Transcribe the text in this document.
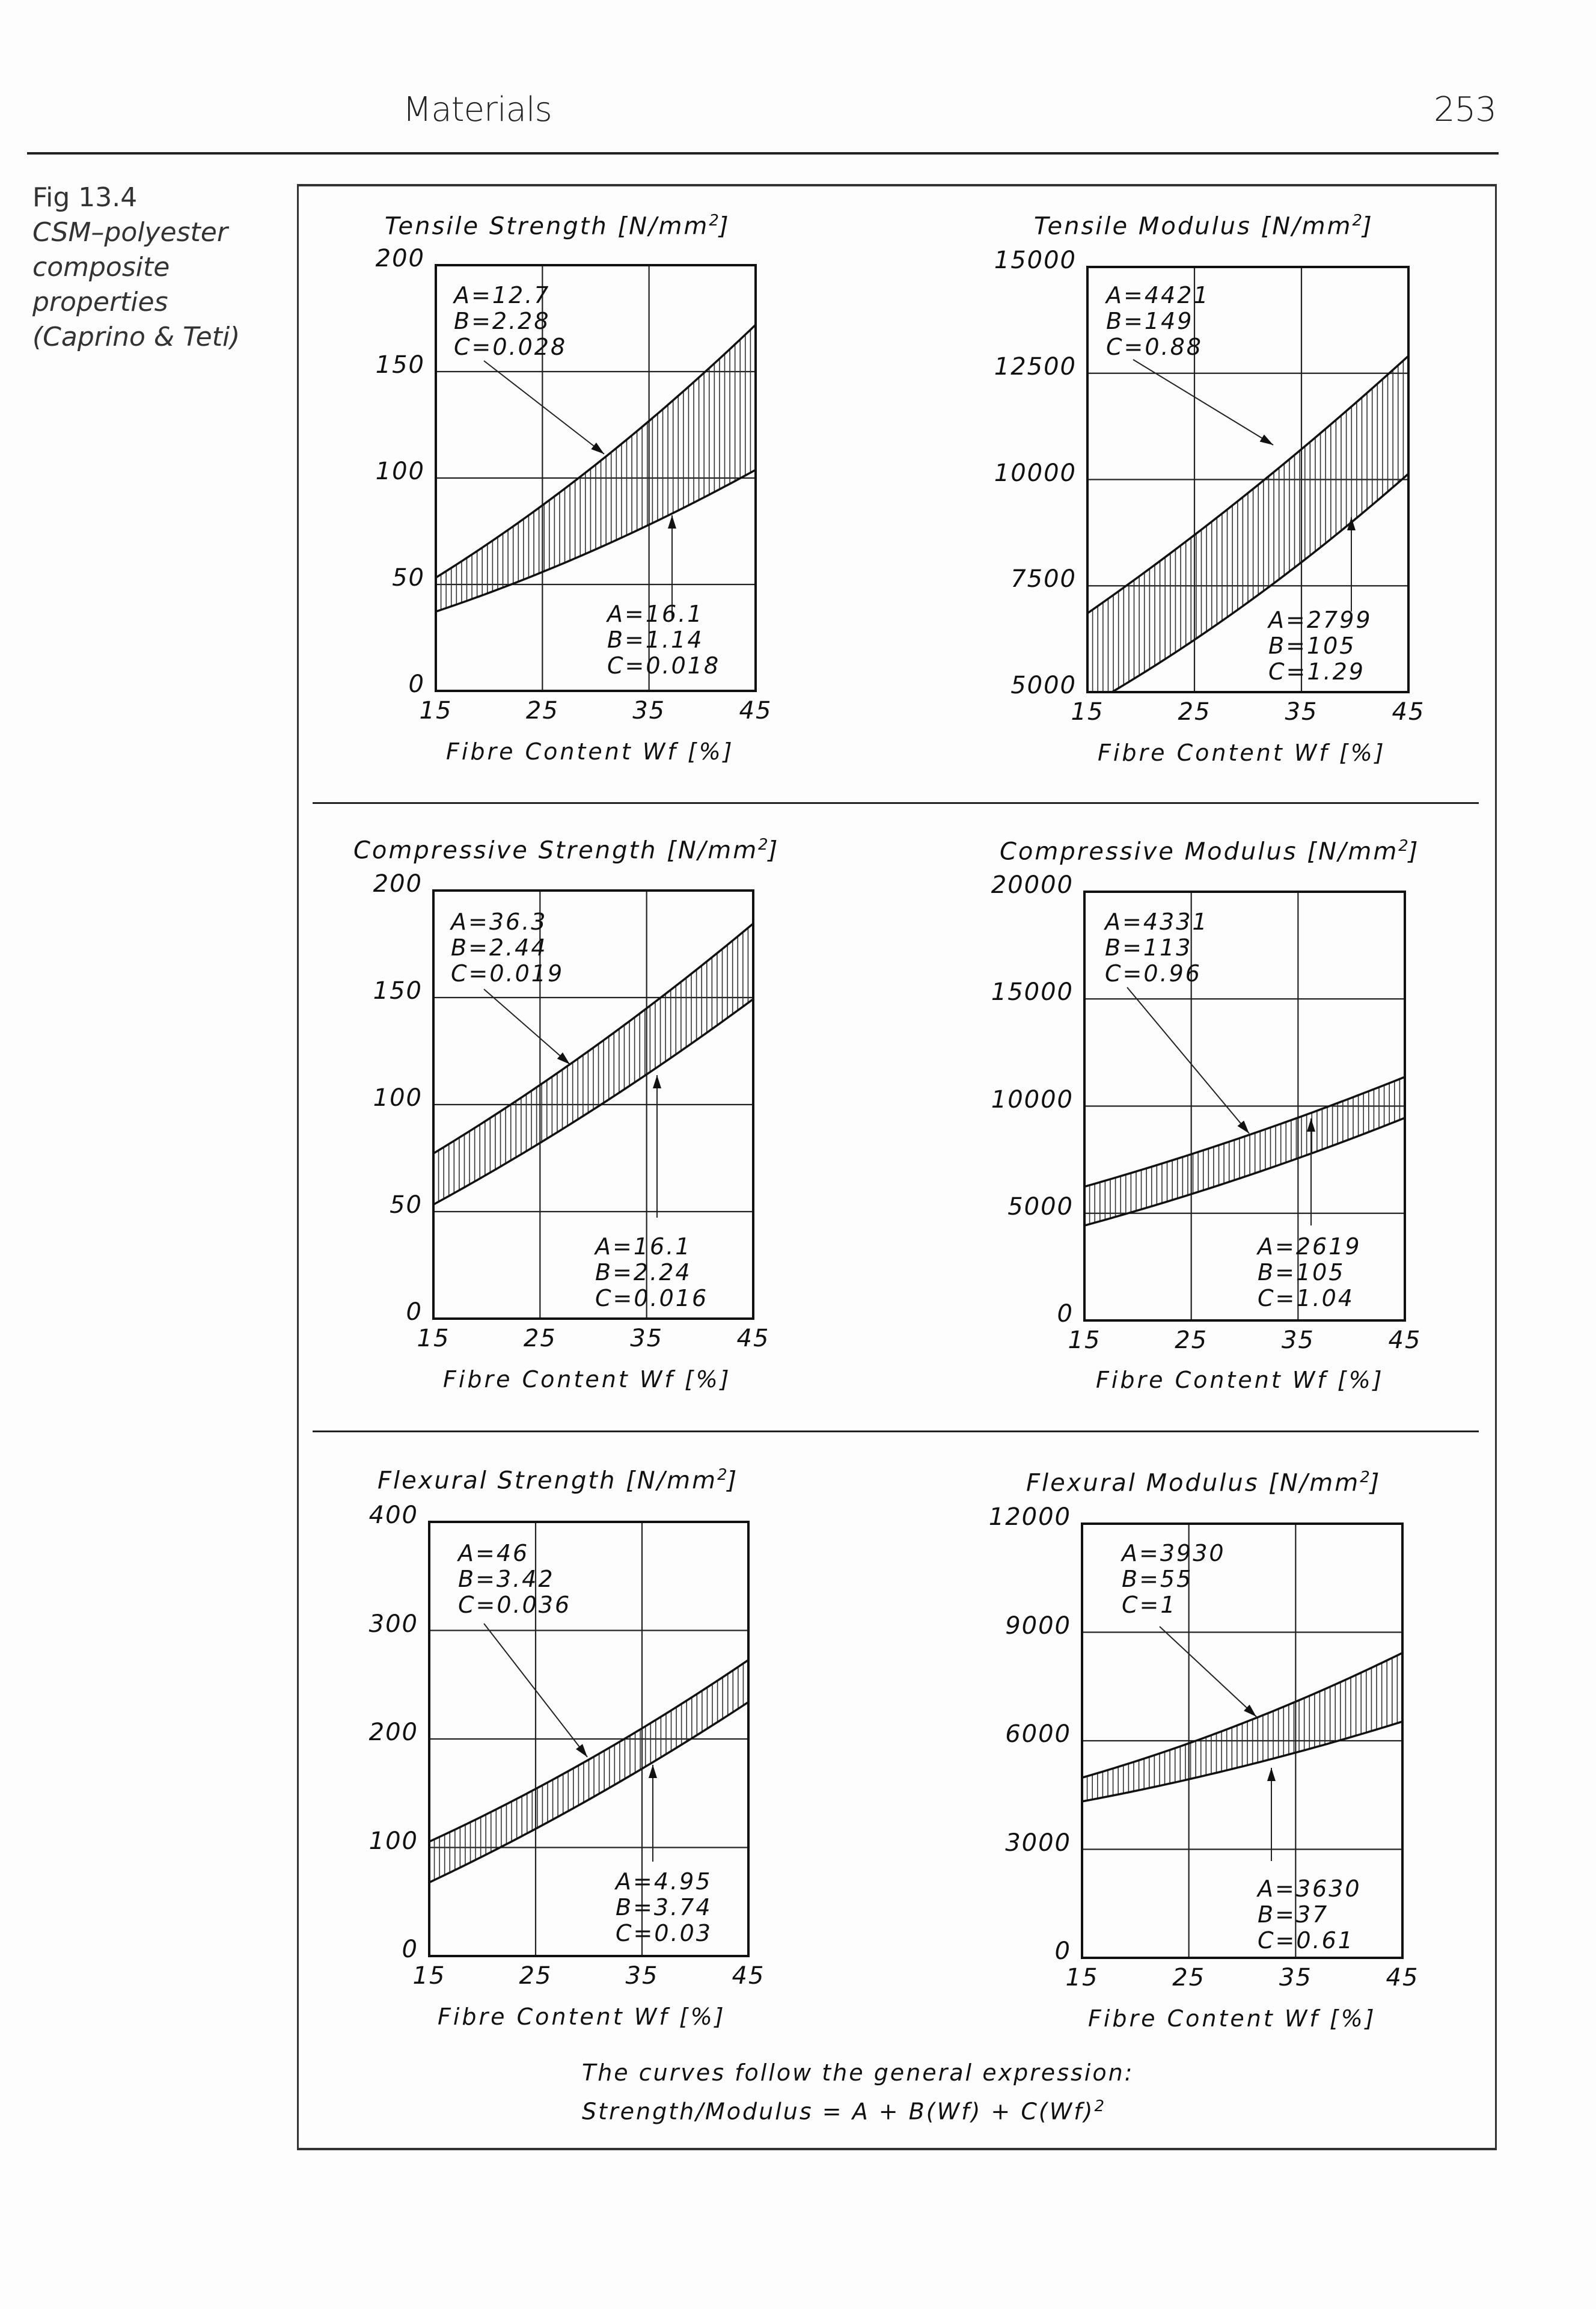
Materials	253
Fig 13.4
CSM–polyester
composite
properties
(Caprino & Teti)
Tensile Strength $[N/mm^2]$
200
150
100
50
0
15	25	35	45
Fibre Content Wf [%]
A=12.7
B=2.28
C=0.028
A=16.1
B=1.14
C=0.018
Tensile Modulus $[N/mm^2]$
15000
12500
10000
7500
5000
15	25	35	45
Fibre Content Wf [%]
A=4421
B=149
C=0.88
A=2799
B=105
C=1.29
Compressive Strength $[N/mm^2]$
200
150
100
50
0
15	25	35	45
Fibre Content Wf [%]
A=36.3
B=2.44
C=0.019
A=16.1
B=2.24
C=0.016
Compressive Modulus $[N/mm^2]$
20000
15000
10000
5000
0
15	25	35	45
Fibre Content Wf [%]
A=4331
B=113
C=0.96
A=2619
B=105
C=1.04
Flexural Strength $[N/mm^2]$
400
300
200
100
0
15	25	35	45
Fibre Content Wf [%]
A=46
B=3.42
C=0.036
A=4.95
B=3.74
C=0.03
Flexural Modulus $[N/mm^2]$
12000
9000
6000
3000
0
15	25	35	45
Fibre Content Wf [%]
A=3930
B=55
C=1
A=3630
B=37
C=0.61
The curves follow the general expression:
Strength/Modulus = $A + B(Wf) + C(Wf)^2$
